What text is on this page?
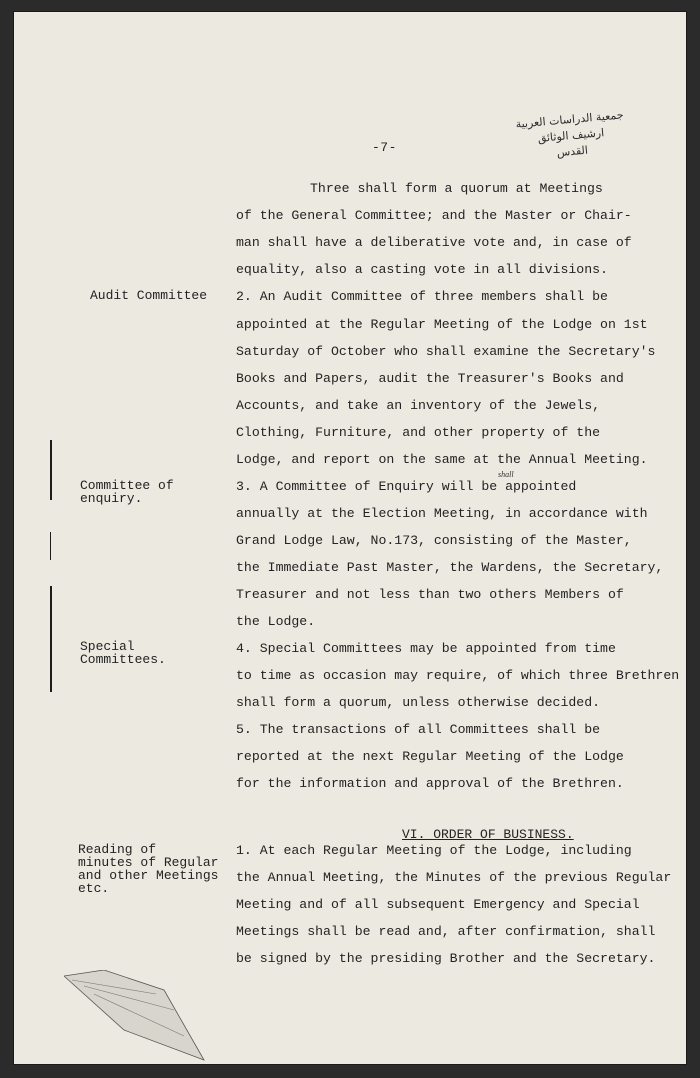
-7-
جمعية الدراسات العربية
ارشيف الوثائق
القدس
Audit Committee
Committee of
enquiry.
Special
Committees.
Reading of
minutes of Regular
and other Meetings
etc.
Three shall form a quorum at Meetings
of the General Committee; and the Master or Chair-
man shall have a deliberative vote and, in case of
equality, also a casting vote in all divisions.
2. An Audit Committee of three members shall be
appointed at the Regular Meeting of the Lodge on 1st
Saturday of October who shall examine the Secretary's
Books and Papers, audit the Treasurer's Books and
Accounts, and take an inventory of the Jewels,
Clothing, Furniture, and other property of the
Lodge, and report on the same at the Annual Meeting.
shall
3. A Committee of Enquiry will be appointed
annually at the Election Meeting, in accordance with
Grand Lodge Law, No.173, consisting of the Master,
the Immediate Past Master, the Wardens, the Secretary,
Treasurer and not less than two others Members of
the Lodge.
4. Special Committees may be appointed from time
to time as occasion may require, of which three Brethren
shall form a quorum, unless otherwise decided.
5. The transactions of all Committees shall be
reported at the next Regular Meeting of the Lodge
for the information and approval of the Brethren.
VI. ORDER OF BUSINESS.
1. At each Regular Meeting of the Lodge, including
the Annual Meeting, the Minutes of the previous Regular
Meeting and of all subsequent Emergency and Special
Meetings shall be read and, after confirmation, shall
be signed by the presiding Brother and the Secretary.
